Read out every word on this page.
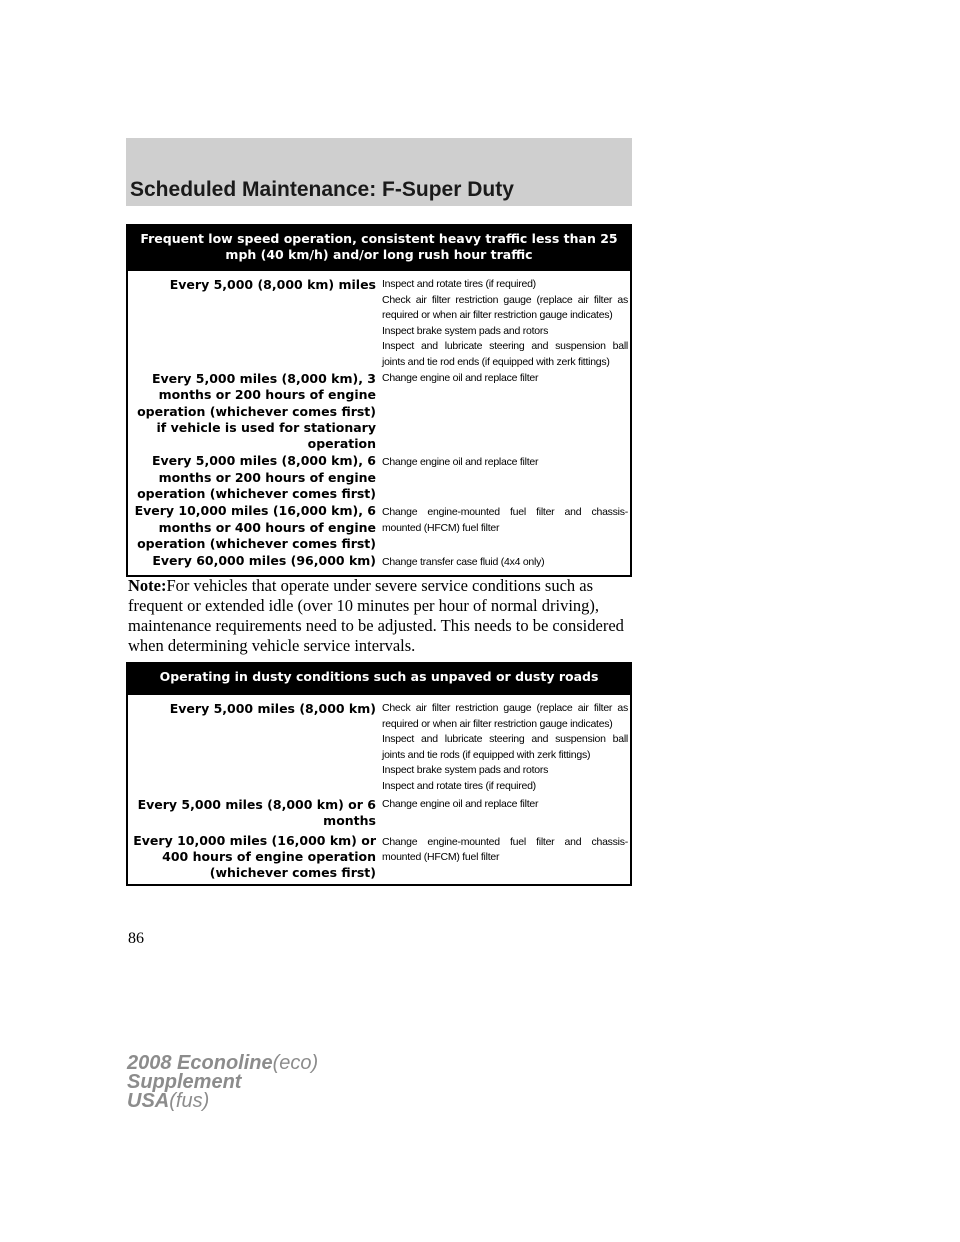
Scheduled Maintenance: F-Super Duty
Frequent low speed operation, consistent heavy traffic less than 25 mph (40 km/h) and/or long rush hour traffic
Every 5,000 (8,000 km) miles Inspect and rotate tires (if required)
Check air filter restriction gauge (replace air filter as required or when air filter restriction gauge indicates)
Inspect brake system pads and rotors
Inspect and lubricate steering and suspension ball joints and tie rod ends (if equipped with zerk fittings)
Every 5,000 miles (8,000 km), 3 months or 200 hours of engine operation (whichever comes first) if vehicle is used for stationary operation
Change engine oil and replace filter
Every 5,000 miles (8,000 km), 6 months or 200 hours of engine operation (whichever comes first)
Change engine oil and replace filter
Every 10,000 miles (16,000 km), 6 months or 400 hours of engine operation (whichever comes first)
Change engine-mounted fuel filter and chassis-mounted (HFCM) fuel filter
Every 60,000 miles (96,000 km) Change transfer case fluid (4x4 only)
Note:For vehicles that operate under severe service conditions such as frequent or extended idle (over 10 minutes per hour of normal driving), maintenance requirements need to be adjusted. This needs to be considered when determining vehicle service intervals.
Operating in dusty conditions such as unpaved or dusty roads
Every 5,000 miles (8,000 km) Check air filter restriction gauge (replace air filter as required or when air filter restriction gauge indicates)
Inspect and lubricate steering and suspension ball joints and tie rods (if equipped with zerk fittings)
Inspect brake system pads and rotors
Inspect and rotate tires (if required)
Every 5,000 miles (8,000 km) or 6 months
Change engine oil and replace filter
Every 10,000 miles (16,000 km) or 400 hours of engine operation (whichever comes first)
Change engine-mounted fuel filter and chassis-mounted (HFCM) fuel filter
86
2008 Econoline(eco)
Supplement
USA(fus)
